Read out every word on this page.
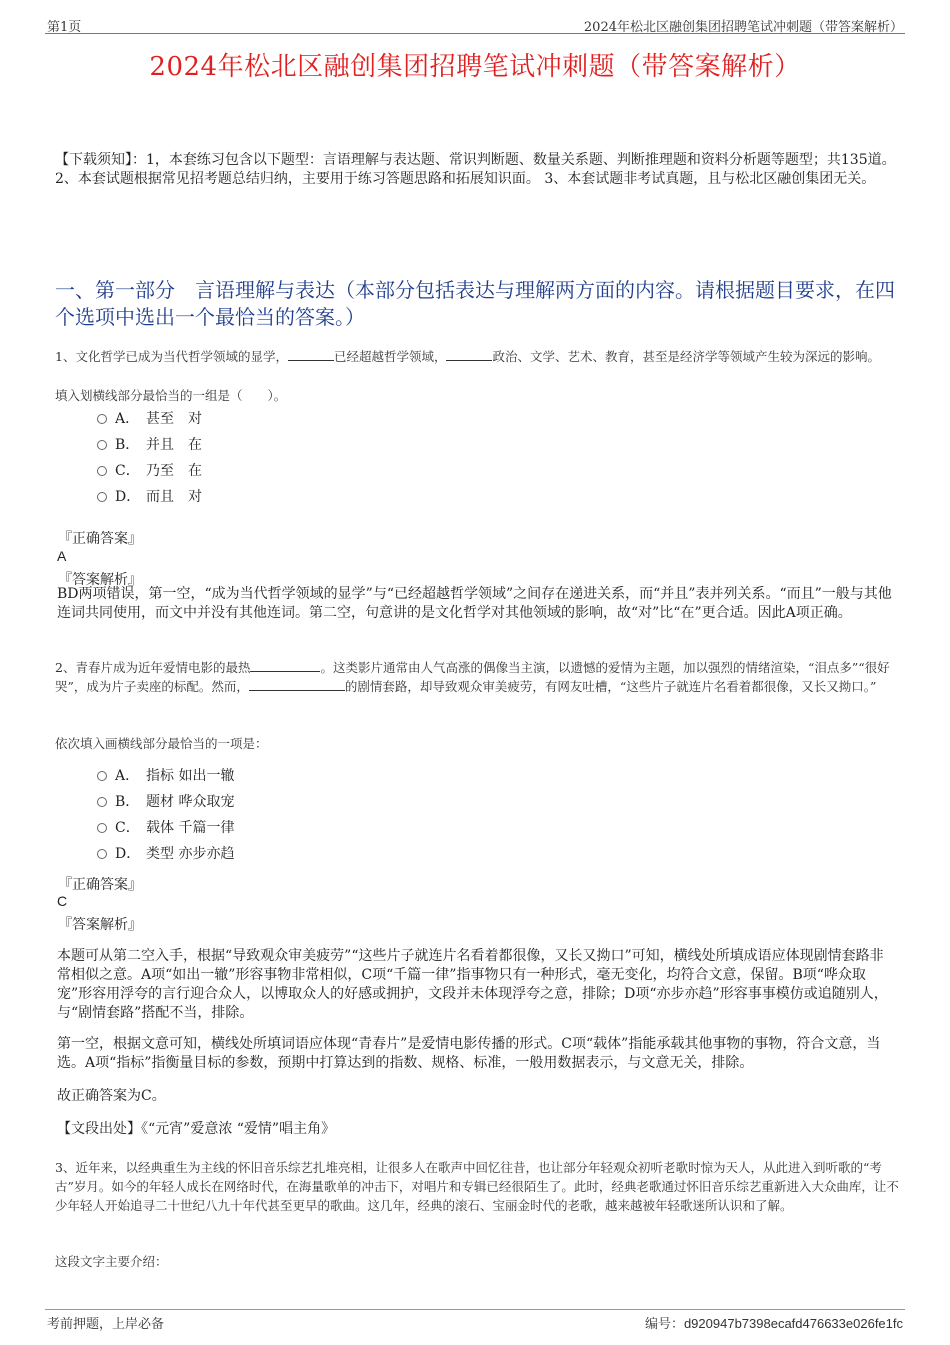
第1页	2024年松北区融创集团招聘笔试冲刺题（带答案解析）
2024年松北区融创集团招聘笔试冲刺题（带答案解析）
【下载须知】：1，本套练习包含以下题型：言语理解与表达题、常识判断题、数量关系题、判断推理题和资料分析题等题型；共135道。 2、本套试题根据常见招考题总结归纳，主要用于练习答题思路和拓展知识面。 3、本套试题非考试真题，且与松北区融创集团无关。
一、第一部分　言语理解与表达（本部分包括表达与理解两方面的内容。请根据题目要求，在四个选项中选出一个最恰当的答案。）
1、文化哲学已成为当代哲学领域的显学，	已经超越哲学领域，	政治、文学、艺术、教育，甚至是经济学等领域产生较为深远的影响。
填入划横线部分最恰当的一组是（　　）。
A． 甚至　对
B． 并且　在
C． 乃至　在
D． 而且　对
『正确答案』
A
『答案解析』
BD两项错误，第一空，“成为当代哲学领域的显学”与“已经超越哲学领域”之间存在递进关系，而“并且”表并列关系。“而且”一般与其他连词共同使用，而文中并没有其他连词。第二空，句意讲的是文化哲学对其他领域的影响，故“对”比“在”更合适。因此A项正确。
2、青春片成为近年爱情电影的最热	。这类影片通常由人气高涨的偶像当主演，以遗憾的爱情为主题，加以强烈的情绪渲染，“泪点多”“很好哭”，成为片子卖座的标配。然而，	的剧情套路，却导致观众审美疲劳，有网友吐槽，“这些片子就连片名看着都很像，又长又拗口。”
依次填入画横线部分最恰当的一项是：
A． 指标 如出一辙
B． 题材 哗众取宠
C． 载体 千篇一律
D． 类型 亦步亦趋
『正确答案』
C
『答案解析』
本题可从第二空入手，根据“导致观众审美疲劳”“这些片子就连片名看着都很像，又长又拗口”可知，横线处所填成语应体现剧情套路非常相似之意。A项“如出一辙”形容事物非常相似，C项“千篇一律”指事物只有一种形式，毫无变化，均符合文意，保留。B项“哗众取宠”形容用浮夸的言行迎合众人，以博取众人的好感或拥护，文段并未体现浮夸之意，排除；D项“亦步亦趋”形容事事模仿或追随别人，与“剧情套路”搭配不当，排除。
第一空，根据文意可知，横线处所填词语应体现“青春片”是爱情电影传播的形式。C项“载体”指能承载其他事物的事物，符合文意，当选。A项“指标”指衡量目标的参数，预期中打算达到的指数、规格、标准，一般用数据表示，与文意无关，排除。
故正确答案为C。
【文段出处】《“元宵”爱意浓 “爱情”唱主角》
3、近年来，以经典重生为主线的怀旧音乐综艺扎堆亮相，让很多人在歌声中回忆往昔，也让部分年轻观众初听老歌时惊为天人，从此进入到听歌的“考古”岁月。如今的年轻人成长在网络时代，在海量歌单的冲击下，对唱片和专辑已经很陌生了。此时，经典老歌通过怀旧音乐综艺重新进入大众曲库，让不少年轻人开始追寻二十世纪八九十年代甚至更早的歌曲。这几年，经典的滚石、宝丽金时代的老歌，越来越被年轻歌迷所认识和了解。
这段文字主要介绍：
考前押题，上岸必备	编号：d920947b7398ecafd476633e026fe1fc
